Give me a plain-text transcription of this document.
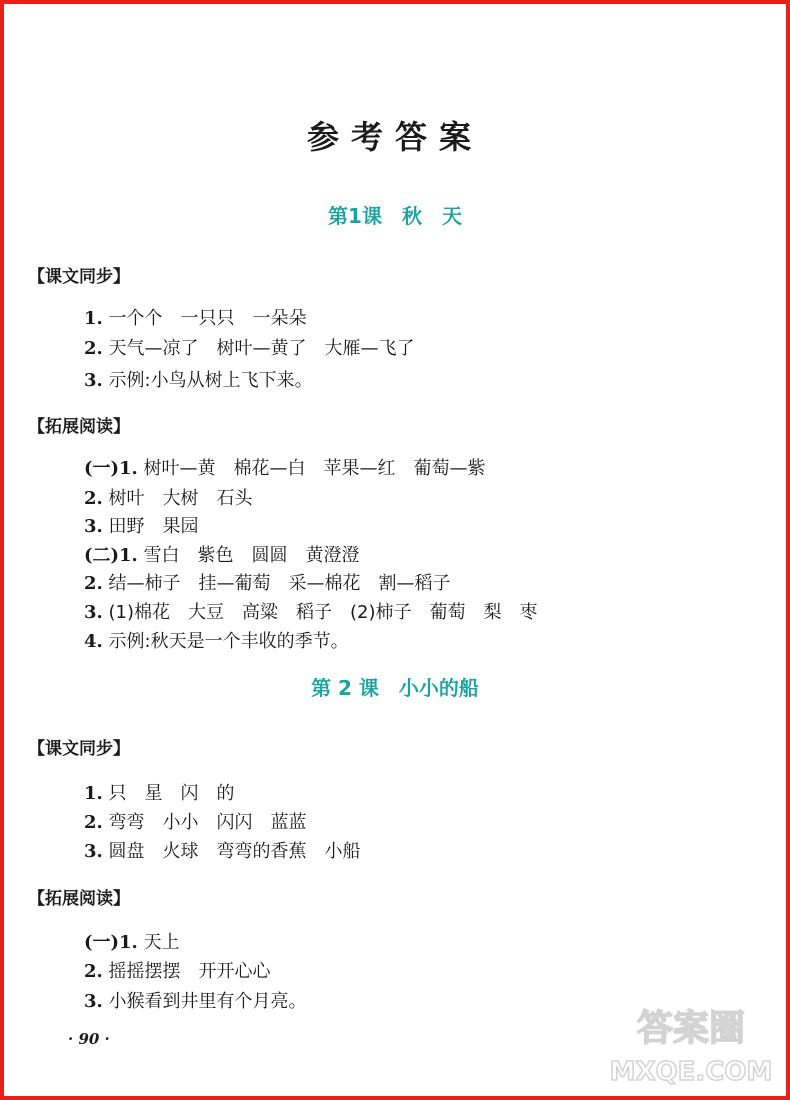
参考答案
第1课　秋　天
【课文同步】
1. 一个个　一只只　一朵朵
2. 天气—凉了　树叶—黄了　大雁—飞了
3. 示例:小鸟从树上飞下来。
【拓展阅读】
(一)1. 树叶—黄　棉花—白　苹果—红　葡萄—紫
2. 树叶　大树　石头
3. 田野　果园
(二)1. 雪白　紫色　圆圆　黄澄澄
2. 结—柿子　挂—葡萄　采—棉花　割—稻子
3. (1)棉花　大豆　高粱　稻子　(2)柿子　葡萄　梨　枣
4. 示例:秋天是一个丰收的季节。
第 2 课　小小的船
【课文同步】
1. 只　星　闪　的
2. 弯弯　小小　闪闪　蓝蓝
3. 圆盘　火球　弯弯的香蕉　小船
【拓展阅读】
(一)1. 天上
2. 摇摇摆摆　开开心心
3. 小猴看到井里有个月亮。
· 90 ·	答案圈
MXQE.COM
